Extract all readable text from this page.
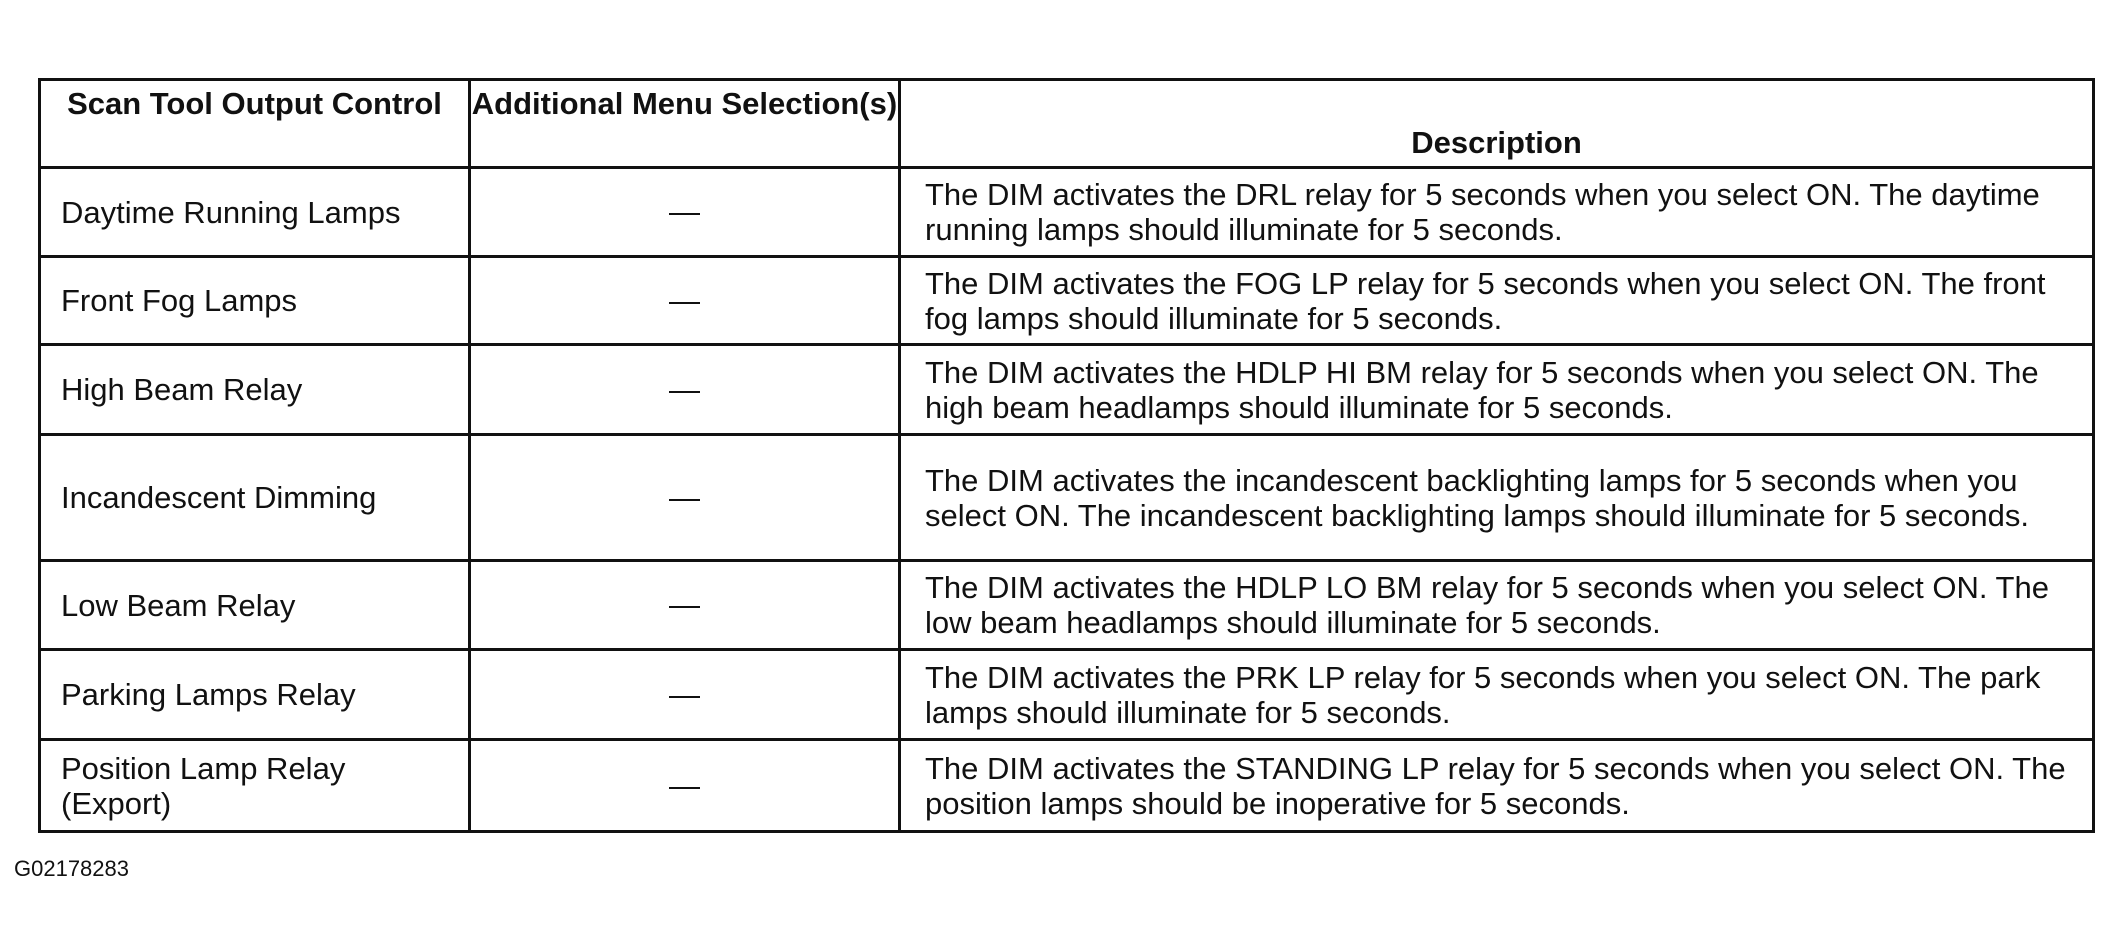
Scan Tool Output Control	Additional Menu Selection(s)	Description
Daytime Running Lamps	—	The DIM activates the DRL relay for 5 seconds when you select ON. The daytime running lamps should illuminate for 5 seconds.
Front Fog Lamps	—	The DIM activates the FOG LP relay for 5 seconds when you select ON. The front fog lamps should illuminate for 5 seconds.
High Beam Relay	—	The DIM activates the HDLP HI BM relay for 5 seconds when you select ON. The high beam headlamps should illuminate for 5 seconds.
Incandescent Dimming	—	The DIM activates the incandescent backlighting lamps for 5 seconds when you select ON. The incandescent backlighting lamps should illuminate for 5 seconds.
Low Beam Relay	—	The DIM activates the HDLP LO BM relay for 5 seconds when you select ON. The low beam headlamps should illuminate for 5 seconds.
Parking Lamps Relay	—	The DIM activates the PRK LP relay for 5 seconds when you select ON. The park lamps should illuminate for 5 seconds.
Position Lamp Relay (Export)	—	The DIM activates the STANDING LP relay for 5 seconds when you select ON. The position lamps should be inoperative for 5 seconds.
G02178283
